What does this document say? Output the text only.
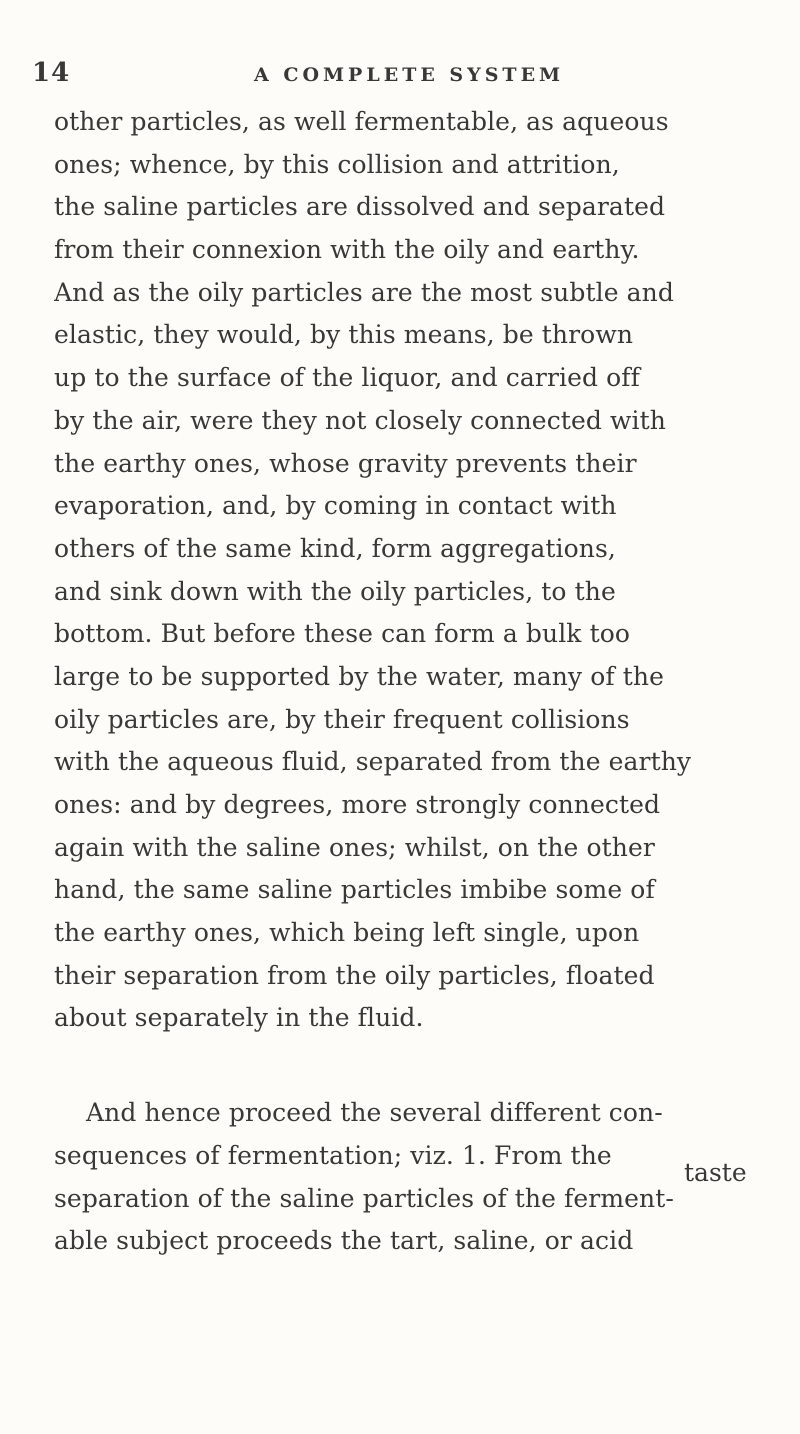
14	A COMPLETE SYSTEM
other particles, as well fermentable, as aqueous
ones; whence, by this collision and attrition,
the saline particles are dissolved and separated
from their connexion with the oily and earthy.
And as the oily particles are the most subtle and
elastic, they would, by this means, be thrown
up to the surface of the liquor, and carried off
by the air, were they not closely connected with
the earthy ones, whose gravity prevents their
evaporation, and, by coming in contact with
others of the same kind, form aggregations,
and sink down with the oily particles, to the
bottom. But before these can form a bulk too
large to be supported by the water, many of the
oily particles are, by their frequent collisions
with the aqueous fluid, separated from the earthy
ones: and by degrees, more strongly connected
again with the saline ones; whilst, on the other
hand, the same saline particles imbibe some of
the earthy ones, which being left single, upon
their separation from the oily particles, floated
about separately in the fluid.
And hence proceed the several different con-
sequences of fermentation; viz. 1. From the
separation of the saline particles of the ferment-
able subject proceeds the tart, saline, or acid
taste
